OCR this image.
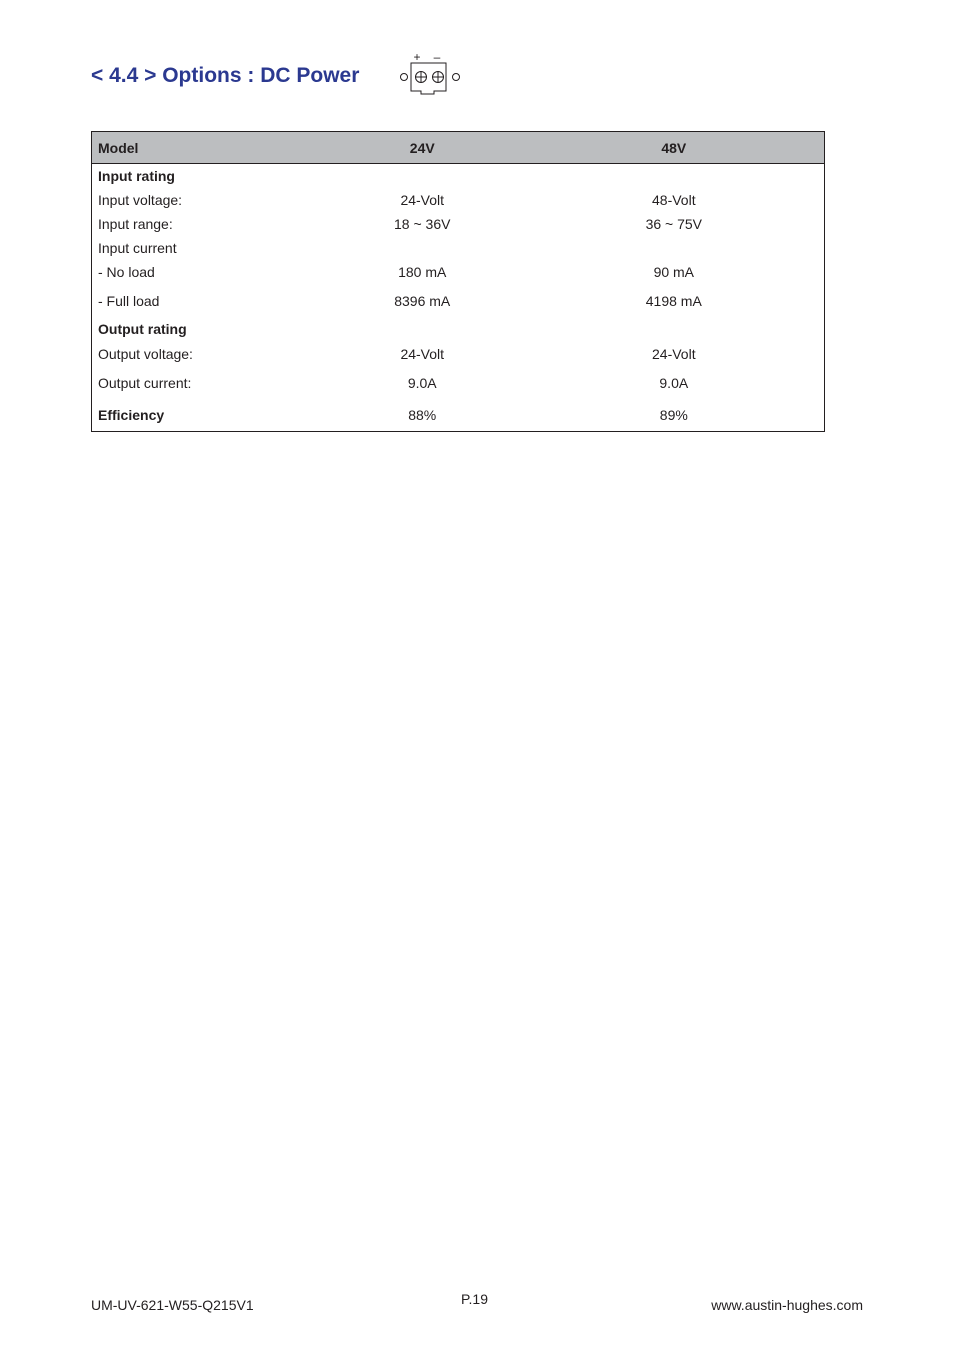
< 4.4 > Options : DC Power
+ –
Model	24V	48V
Input rating		
Input voltage:	24-Volt	48-Volt
Input range:	18 ~ 36V	36 ~ 75V
Input current		
- No load	180 mA	90 mA
- Full load	8396 mA	4198 mA
Output rating		
Output voltage:	24-Volt	24-Volt
Output current:	9.0A	9.0A
Efficiency	88%	89%
UM-UV-621-W55-Q215V1	P.19	www.austin-hughes.com
